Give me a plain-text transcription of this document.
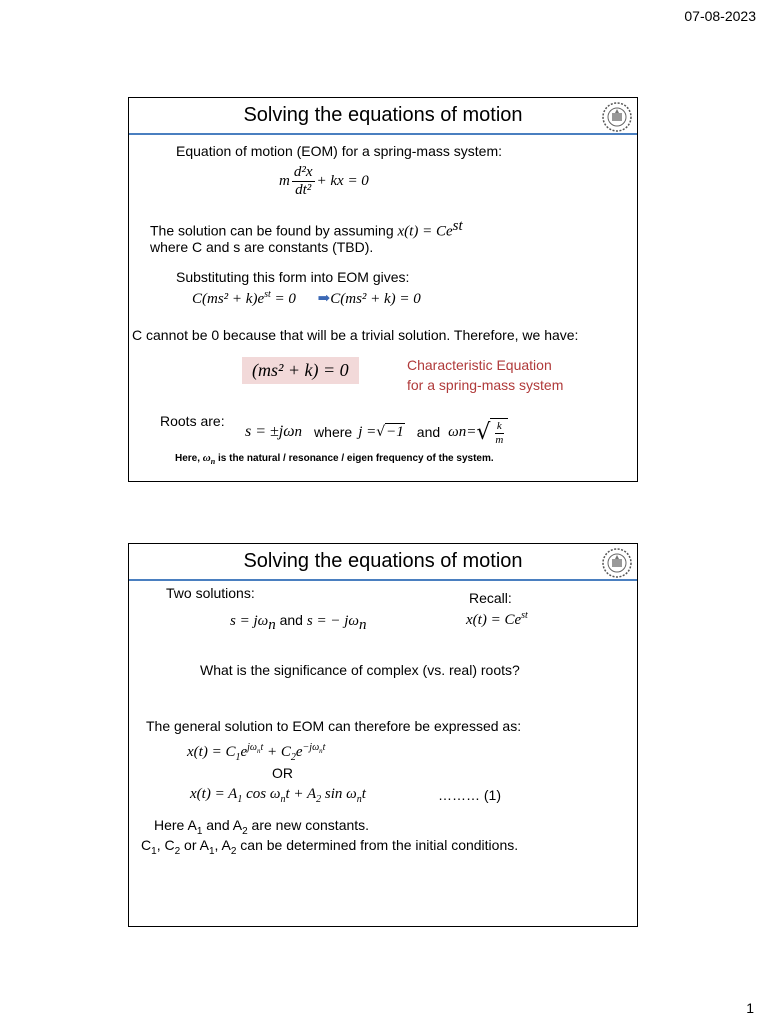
07-08-2023
Solving the equations of motion
Equation of motion (EOM) for a spring-mass system:
m $\frac{\text{d²x}}{\text{dt²}}$ + kx = 0
The solution can be found by assuming $x(t) = Ce^{st}$
where C and s are constants (TBD).
Substituting this form into EOM gives:
$C(ms^2 + k)e^{st} = 0$ ➡C(ms² + k) = 0
C cannot be 0 because that will be a trivial solution. Therefore, we have:
(ms² + k) = 0	Characteristic Equation
for a spring-mass system
Roots are:
s = ±jω n where j = √ −1 and ω n = √ $\frac{k}{m}$
Here, $\omega_n$ is the natural / resonance / eigen frequency of the system.
Solving the equations of motion
Two solutions:
$s = j\omega_n$ and s = − $j\omega_n$
Recall:
$x(t) = Ce^{st}$
What is the significance of complex (vs. real) roots?
The general solution to EOM can therefore be expressed as:
$x(t) = C_1e^{j\omega_nt} + C_2e^{-j\omega_nt}$
OR
$x(t) = A_1$ $\cos \omega_nt + A_2$ $\sin \omega_nt$	……… (1)
Here $A_1$ and $A_2$ are new constants.
$C_1$, $C_2$ or $A_1$, $A_2$ can be determined from the initial conditions.
1
